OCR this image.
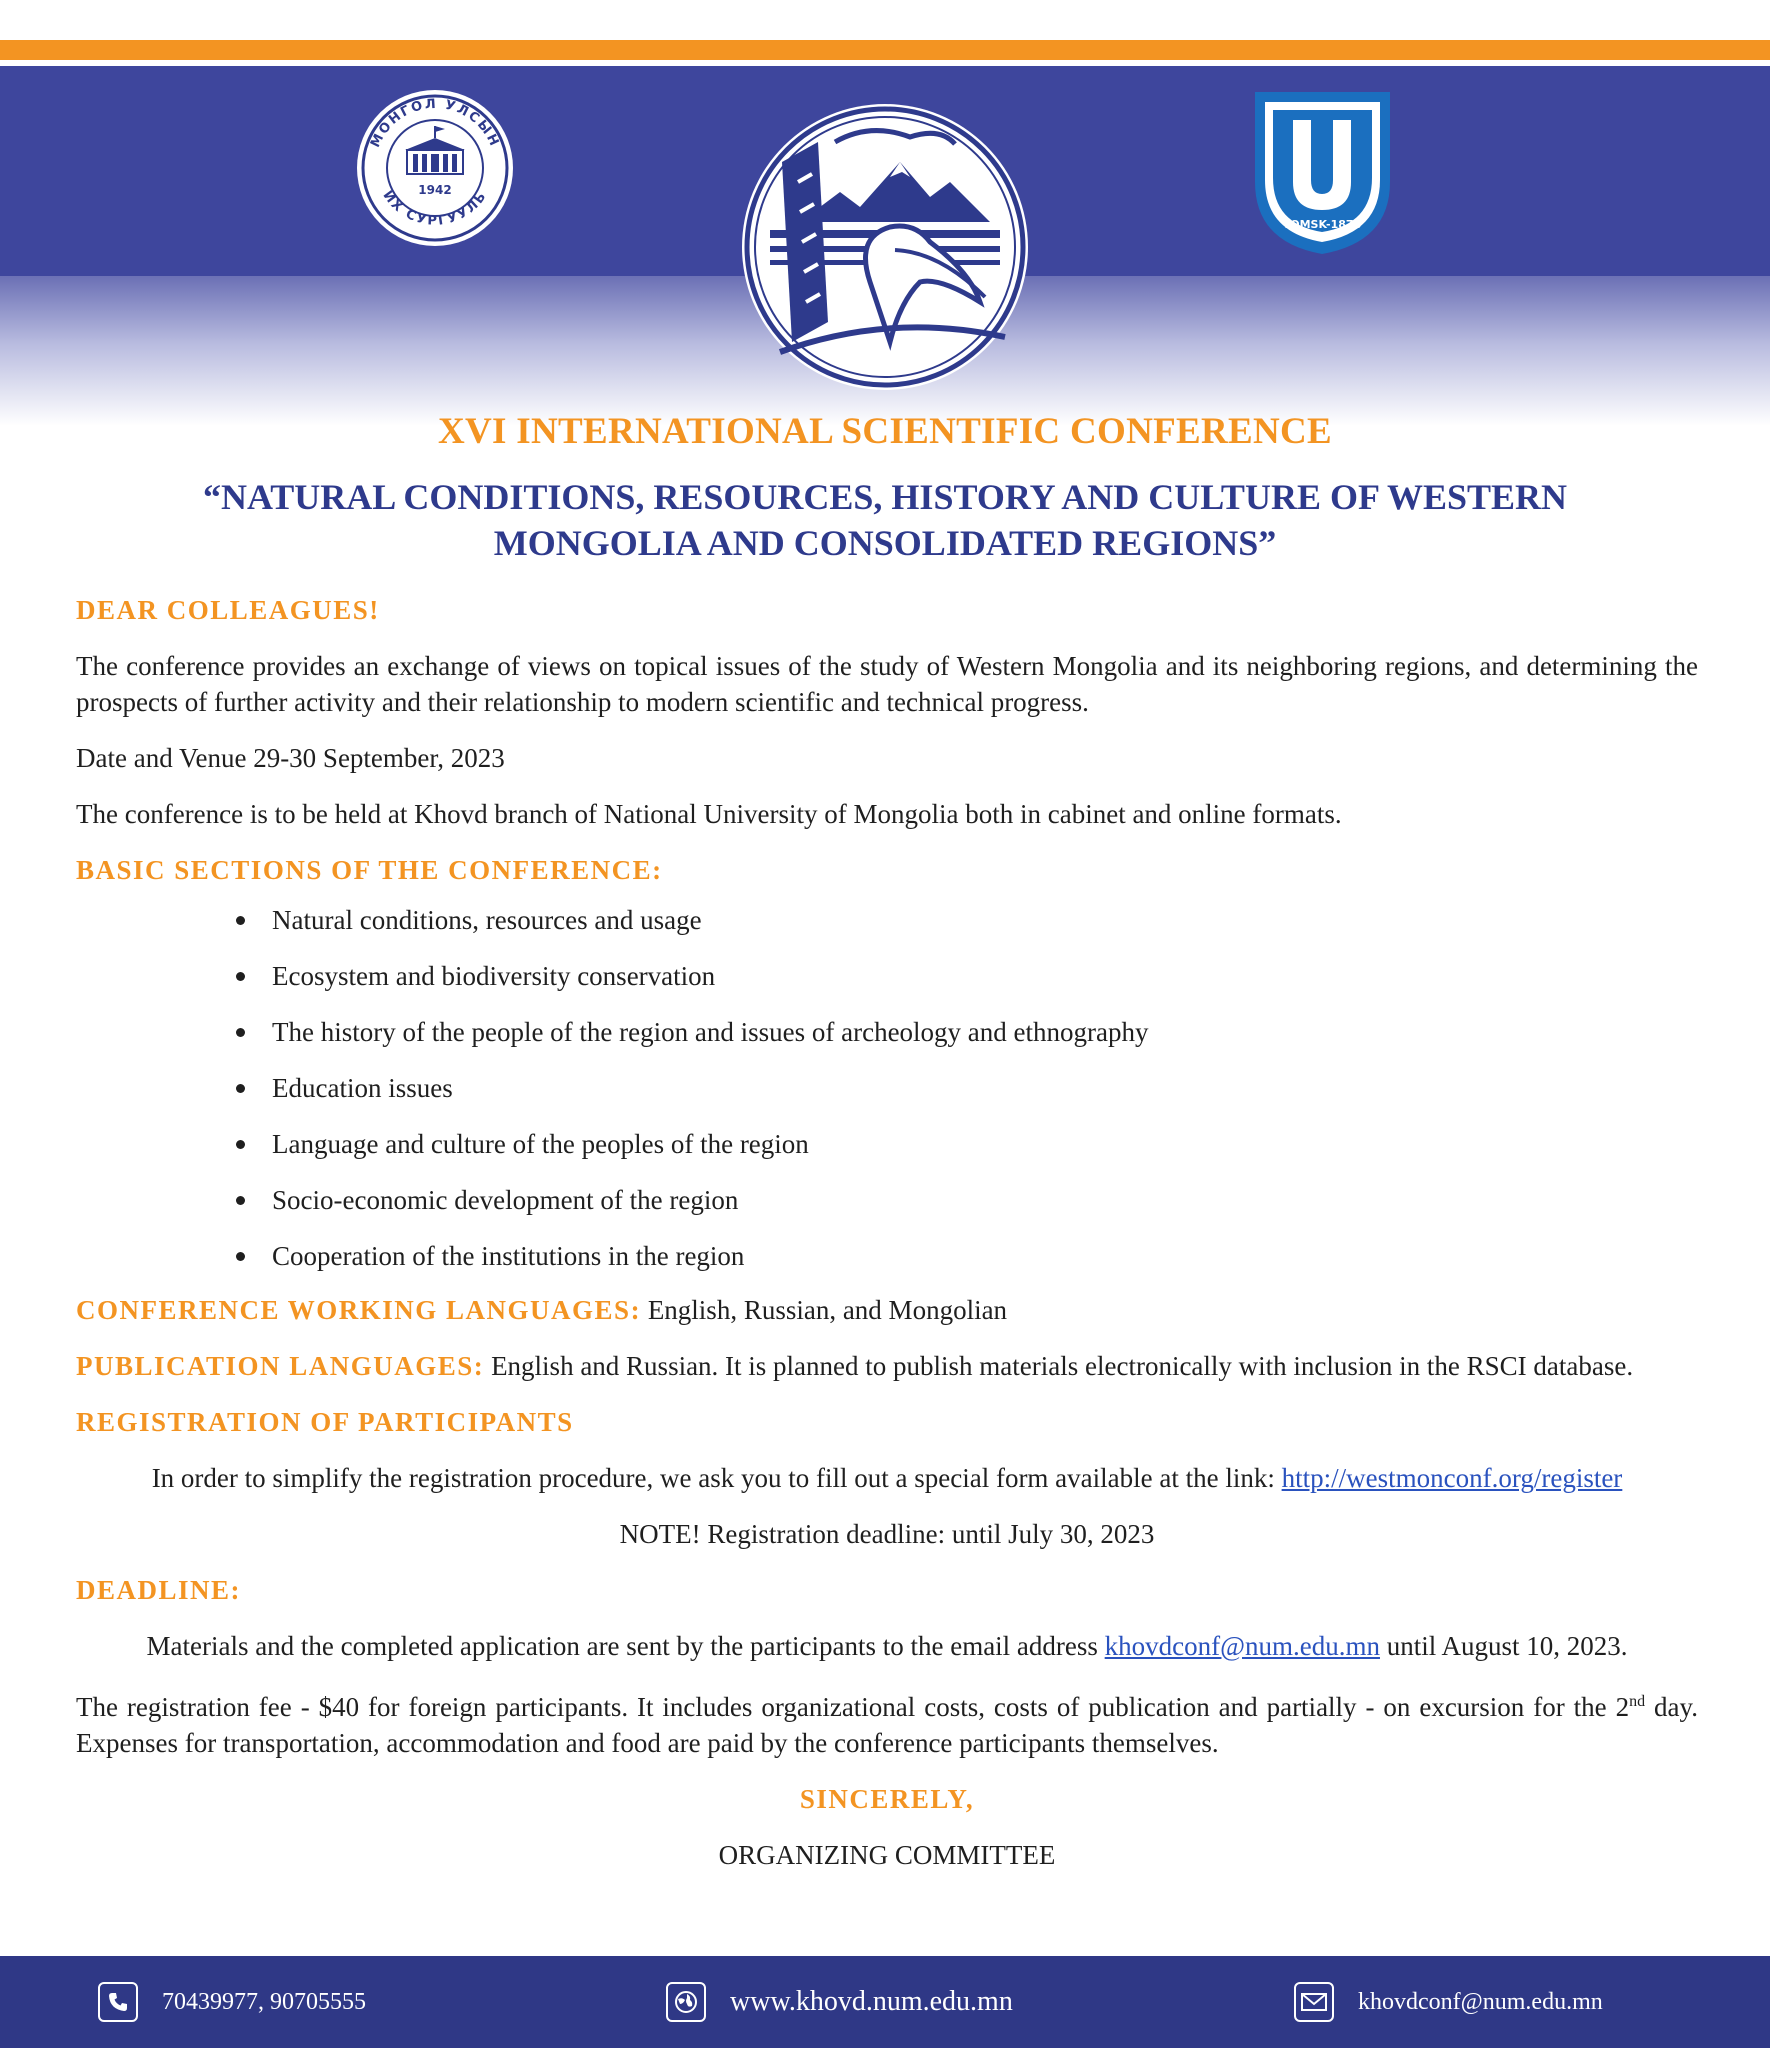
МОНГОЛ УЛСЫН
ИХ СУРГУУЛЬ
1942
TOMSK-1878
XVI INTERNATIONAL SCIENTIFIC CONFERENCE
“NATURAL CONDITIONS, RESOURCES, HISTORY AND CULTURE OF WESTERN MONGOLIA AND CONSOLIDATED REGIONS”
DEAR COLLEAGUES!

The conference provides an exchange of views on topical issues of the study of Western Mongolia and its neighboring regions, and determining the prospects of further activity and their relationship to modern scientific and technical progress.

Date and Venue 29-30 September, 2023

The conference is to be held at Khovd branch of National University of Mongolia both in cabinet and online formats.

BASIC SECTIONS OF THE CONFERENCE:
Natural conditions, resources and usage
Ecosystem and biodiversity conservation
The history of the people of the region and issues of archeology and ethnography
Education issues
Language and culture of the peoples of the region
Socio-economic development of the region
Cooperation of the institutions in the region

CONFERENCE WORKING LANGUAGES: English, Russian, and Mongolian

PUBLICATION LANGUAGES: English and Russian. It is planned to publish materials electronically with inclusion in the RSCI database.

REGISTRATION OF PARTICIPANTS

In order to simplify the registration procedure, we ask you to fill out a special form available at the link: http://westmonconf.org/register

NOTE! Registration deadline: until July 30, 2023

DEADLINE:

Materials and the completed application are sent by the participants to the email address khovdconf@num.edu.mn until August 10, 2023.

The registration fee - $40 for foreign participants. It includes organizational costs, costs of publication and partially - on excursion for the 2nd day. Expenses for transportation, accommodation and food are paid by the conference participants themselves.

SINCERELY,

ORGANIZING COMMITTEE

70439977, 90705555	www.khovd.num.edu.mn	khovdconf@num.edu.mn
